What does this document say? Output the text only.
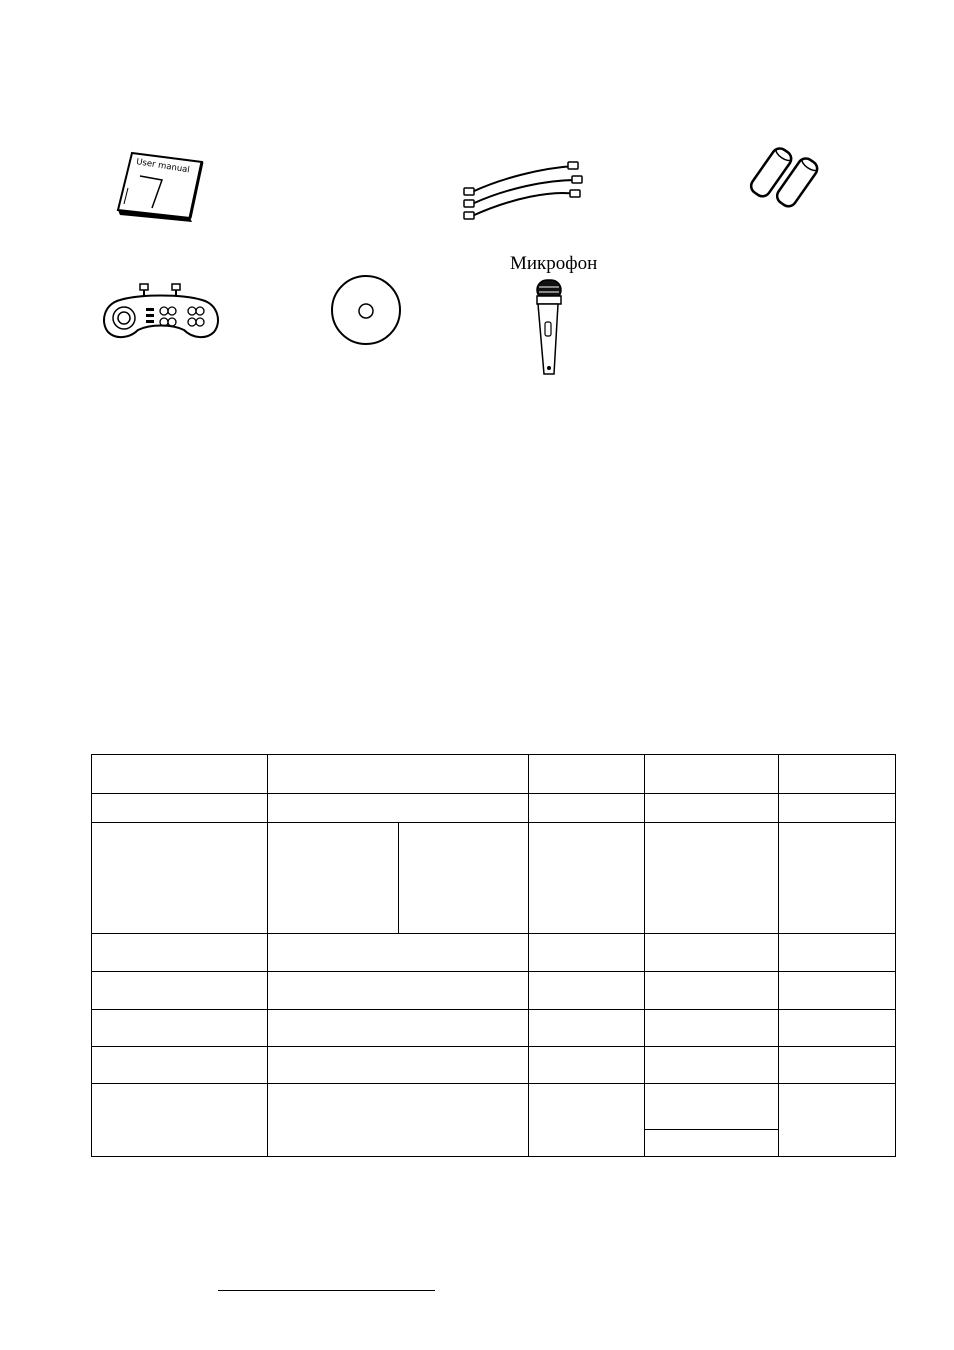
User manual
Микрофон
